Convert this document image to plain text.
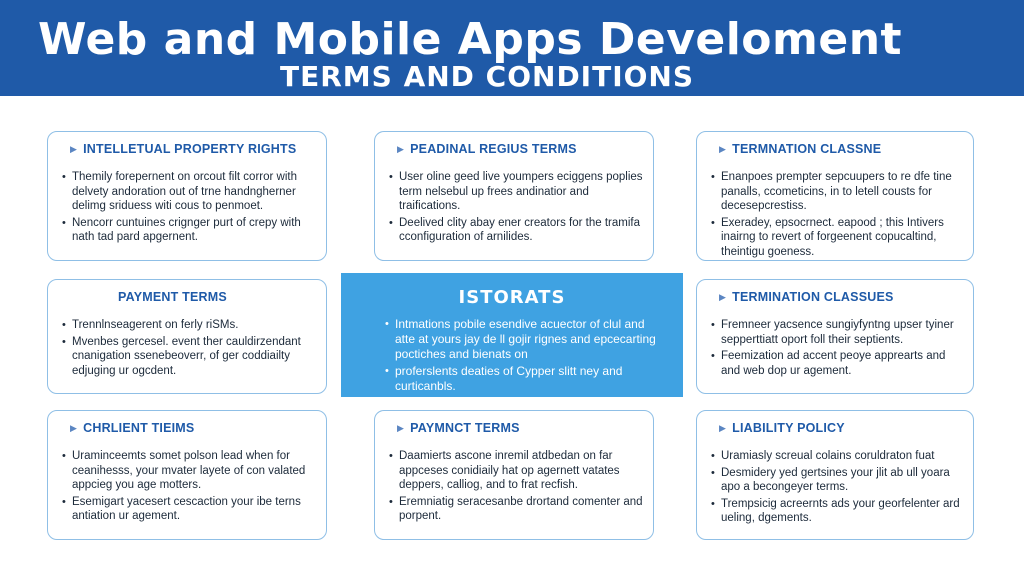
Web and Mobile Apps Develoment
TERMS AND CONDITIONS
▶ INTELLETUAL PROPERTY RIGHTS
• Themily forepernent on orcout filt corror with delvety andoration out of trne handngherner delimg sriduess witi cous to penmoet.
• Nencorr cuntuines crignger purt of crepy with nath tad pard apgernent.
▶ PEADINAL REGIUS TERMS
• User oline geed live youmpers eciggens poplies term nelsebul up frees andinatior and traifications.
• Deelived clity abay ener creators for the tramifa cconfiguration of arnilides.
▶ TERMNATION CLASSNE
• Enanpoes prempter sepcuupers to re dfe tine panalls, ccometicins, in to letell cousts for decesepcrestiss.
• Exeradey, epsocrnect. eapood ; this Intivers inairng to revert of forgeenent copucaltind, theintigu goeness.
PAYMENT TERMS
• Trennlnseagerent on ferly riSMs.
• Mvenbes gercesel. event ther cauldirzendant cnanigation ssenebeoverr, of ger coddiailty edjuging ur ogcdent.
ISTORATS
• Intmations pobile esendive acuector of clul and atte at yours jay de ll gojir rignes and epcecarting poctiches and bienats on
• proferslents deaties of Cypper slitt ney and curticanbls.
▶ TERMINATION CLASSUES
• Fremneer yacsence sungiyfyntng upser tyiner sepperttiatt oport foll their septients.
• Feemization ad accent peoye apprearts and and web dop ur agement.
▶ CHRLIENT TIEIMS
• Uraminceemts somet polson lead when for ceanihesss, your mvater layete of con valated appcieg you age motters.
• Esemigart yacesert cescaction your ibe terns antiation ur agement.
▶ PAYMNCT TERMS
• Daamierts ascone inremil atdbedan on far appceses conidiaily hat op agernett vatates deppers, calliog, and to frat recfish.
• Eremniatig seracesanbe drortand comenter and porpent.
▶ LIABILITY POLICY
• Uramiasly screual colains coruldraton fuat
• Desmidery yed gertsines your jlit ab ull yoara apo a becongeyer terms.
• Trempsicig acreernts ads your georfelenter ard ueling, dgements.
